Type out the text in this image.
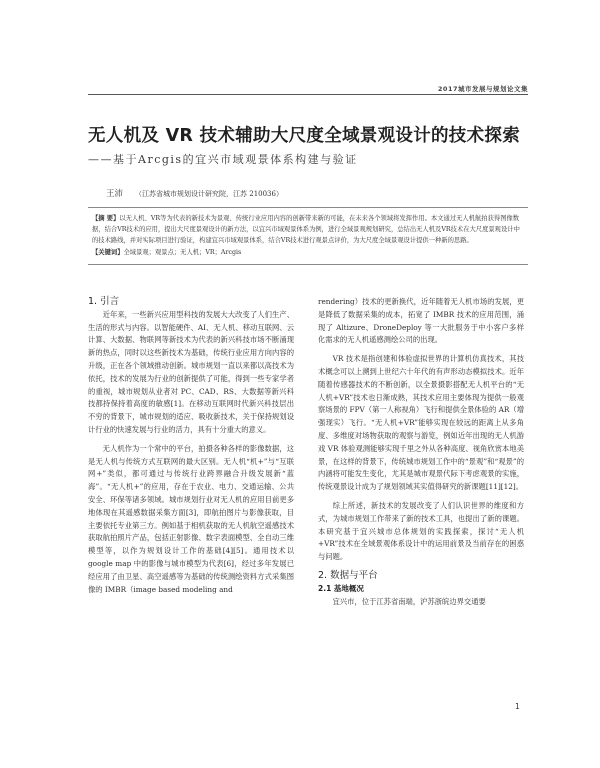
2017城市发展与规划论文集
无人机及 VR 技术辅助大尺度全域景观设计的技术探索
——基于Arcgis的宜兴市域观景体系构建与验证
王沛 （江苏省城市规划设计研究院，江苏 210036）
【摘 要】以无人机、VR等为代表的新技术为景观、传统行业应用内容的创新带来新的可能，在未来各个领域将发挥作用。本文通过无人机航拍获得图像数据，结合VR技术的应用，提出大尺度景观设计的新方法，以宜兴市域观景体系为例，进行全域景观规划研究，总结出无人机及VR技术在大尺度景观设计中的技术路线，并对实际项目进行验证，构建宜兴市域观景体系，结合VR技术进行观景点评价，为大尺度全域景观设计提供一种新的思路。
【关键词】全域景观；观景点；无人机；VR；Arcgis

1. 引言

近年来，一些新兴应用型科技的发展大大改变了人们生产、生活的形式与内容。以智能硬件、AI、无人机、移动互联网、云计算、大数据、物联网等新技术为代表的新兴科技市场不断涌现新的热点，同时以这些新技术为基础，传统行业应用方向内容的升级，正在各个领域推动创新。城市规划一直以来都以高技术为依托，技术的发展为行业的创新提供了可能，得到一些专家学者的重视，城市规划从业者对 PC、CAD、RS、大数据等新兴科技都持保持着高度的敏感[1]。在移动互联网时代新兴科技层出不穷的背景下，城市规划的适应、吸收新技术，关于保持规划设计行业的快速发展与行业的活力，具有十分重大的意义。

无人机作为一个常中的平台，拍摄各种各样的影像数据，这是无人机与传统方式互联网的最大区别。无人机“机+”与“互联网+”类似，都可通过与传统行业跨界融合升级发展新“蓝海”。“无人机+”的应用，存在于农业、电力、交通运输、公共安全、环保等诸多领域。城市规划行业对无人机的应用目前更多地体现在其遥感数据采集方面[3]，即航拍图片与影像获取，目主要依托专业第三方。例如基于相机获取的无人机航空遥感技术获取航拍照片产品，包括正射影像、数字表面模型、全自动三维模型等，以作为规划设计工作的基础[4][5]。通用技术以 google map 中的影像与城市模型为代表[6]，经过多年发展已经应用了由卫星、高空遥感等为基础的传统测绘资料方式采集图像的 IMBR（image based modeling and

rendering）技术的更新换代，近年随着无人机市场的发展，更是降低了数据采集的成本，拓宽了 IMBR 技术的应用范围，涌现了 Altizure、DroneDeploy 等一大批服务于中小客户多样化需求的无人机遥感测绘公司的出现。

VR 技术是指创建和体验虚拟世界的计算机仿真技术，其技术概念可以上溯到上世纪六十年代的有声形动态模拟技术。近年随着传感器技术的不断创新，以全景摄影搭配无人机平台的“无人机+VR”技术也日渐成熟，其技术应用主要体现为提供一般观察场景的 FPV（第一人称视角）飞行和提供全景体验的 AR（增强现实）飞行。“无人机+VR”能够实现在较远的距离上从多角度、多维度对场物获取的观察与游览，例如近年出现的无人机游戏 VR 体验观测能够实现千里之外从各种高度、视角欣赏本地美景，在这样的背景下，传统城市规划工作中的“景观”和“观景”的内涵将可能发生变化，尤其是城市观景代际下考虑观景的实施，传统观景设计成为了规划领域其实值得研究的新课题[11][12]。

综上所述，新技术的发展改变了人们认识世界的维度和方式，为城市规划工作带来了新的技术工具，也提出了新的课题。本研究基于宜兴城市总体规划的实践探索，探讨“无人机+VR”技术在全域景观体系设计中的运用前景及当前存在的困惑与问题。

2. 数据与平台

2.1 基地概况

宜兴市，位于江苏省南端，沪苏浙皖边界交通要

1
